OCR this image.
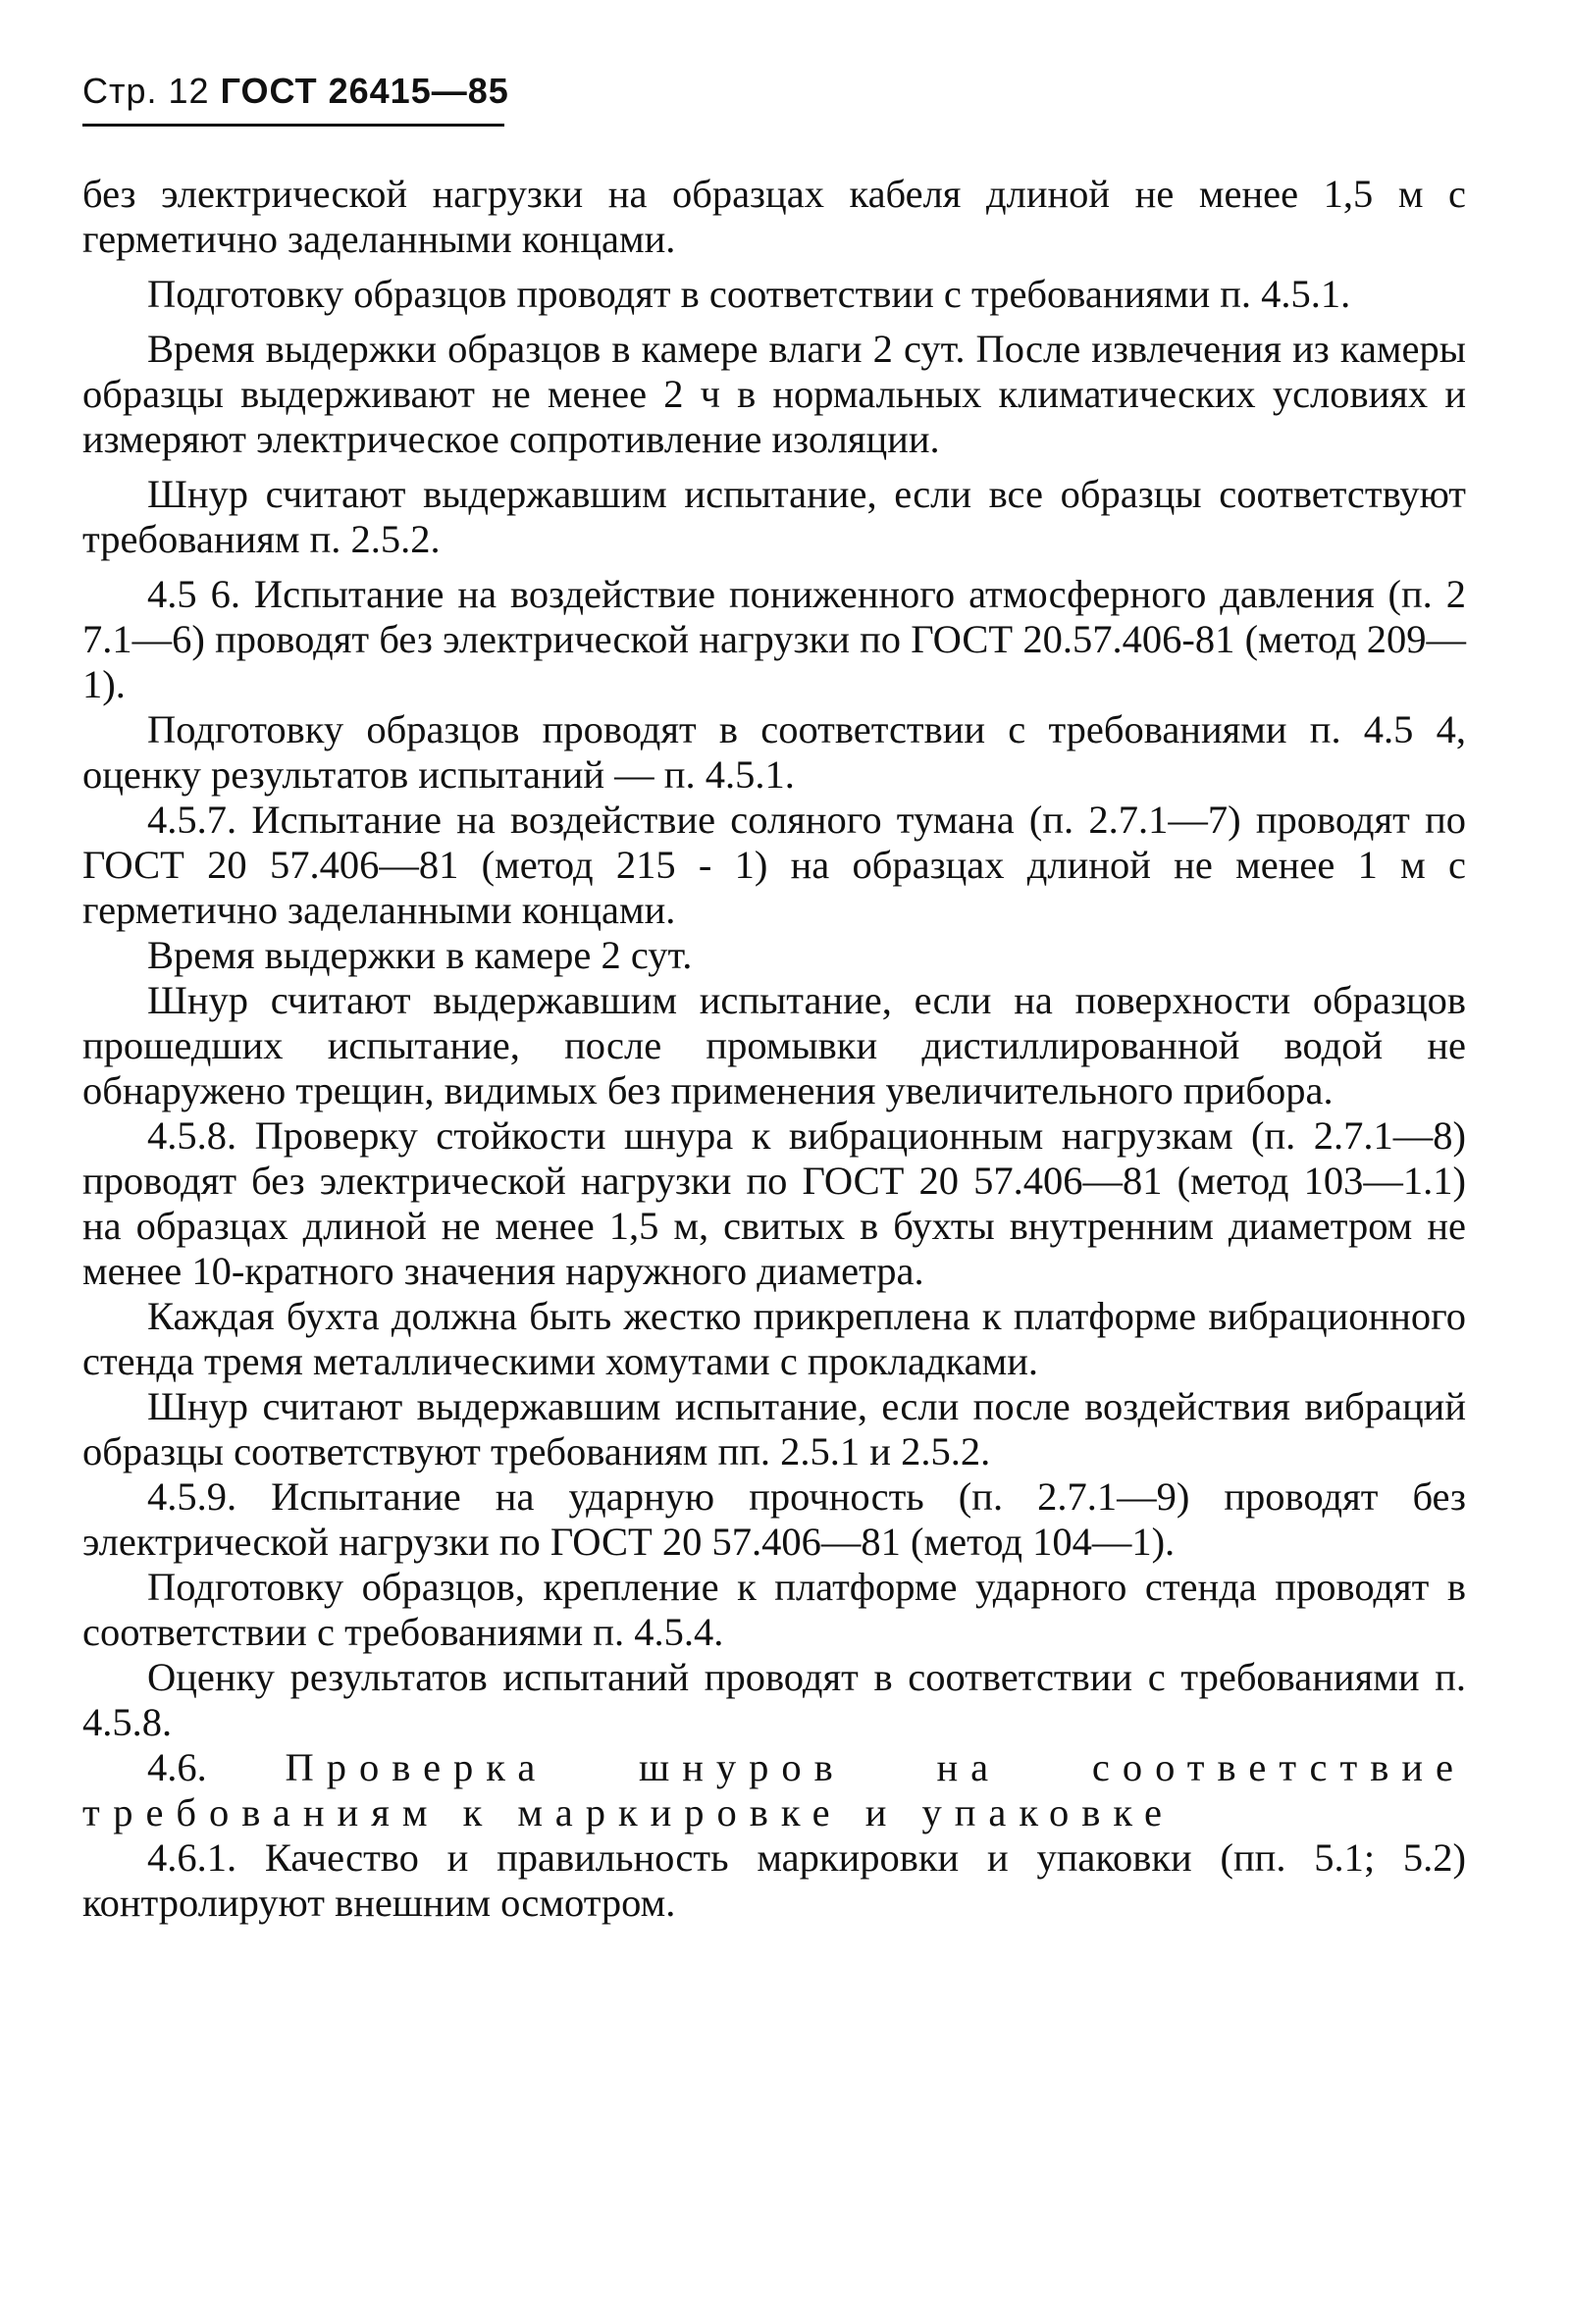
Стр. 12 ГОСТ 26415—85

без электрической нагрузки на образцах кабеля длиной не менее 1,5 м с герметично заделанными концами.

Подготовку образцов проводят в соответствии с требованиями п. 4.5.1.

Время выдержки образцов в камере влаги 2 сут. После извлечения из камеры образцы выдерживают не менее 2 ч в нормальных климатических условиях и измеряют электрическое сопротивление изоляции.

Шнур считают выдержавшим испытание, если все образцы соответствуют требованиям п. 2.5.2.

4.5 6. Испытание на воздействие пониженного атмосферного давления (п. 2 7.1—6) проводят без электрической нагрузки по ГОСТ 20.57.406-81 (метод 209—1).

Подготовку образцов проводят в соответствии с требованиями п. 4.5 4, оценку результатов испытаний — п. 4.5.1.

4.5.7. Испытание на воздействие соляного тумана (п. 2.7.1—7) проводят по ГОСТ 20 57.406—81 (метод 215 - 1) на образцах длиной не менее 1 м с герметично заделанными концами.

Время выдержки в камере 2 сут.

Шнур считают выдержавшим испытание, если на поверхности образцов прошедших испытание, после промывки дистиллированной водой не обнаружено трещин, видимых без применения увеличительного прибора.

4.5.8. Проверку стойкости шнура к вибрационным нагрузкам (п. 2.7.1—8) проводят без электрической нагрузки по ГОСТ 20 57.406—81 (метод 103—1.1) на образцах длиной не менее 1,5 м, свитых в бухты внутренним диаметром не менее 10-кратного значения наружного диаметра.

Каждая бухта должна быть жестко прикреплена к платформе вибрационного стенда тремя металлическими хомутами с прокладками.

Шнур считают выдержавшим испытание, если после воздействия вибраций образцы соответствуют требованиям пп. 2.5.1 и 2.5.2.

4.5.9. Испытание на ударную прочность (п. 2.7.1—9) проводят без электрической нагрузки по ГОСТ 20 57.406—81 (метод 104—1).

Подготовку образцов, крепление к платформе ударного стенда проводят в соответствии с требованиями п. 4.5.4.

Оценку результатов испытаний проводят в соответствии с требованиями п. 4.5.8.

4.6. Проверка шнуров на соответствие требованиям к маркировке и упаковке

4.6.1. Качество и правильность маркировки и упаковки (пп. 5.1; 5.2) контролируют внешним осмотром.
